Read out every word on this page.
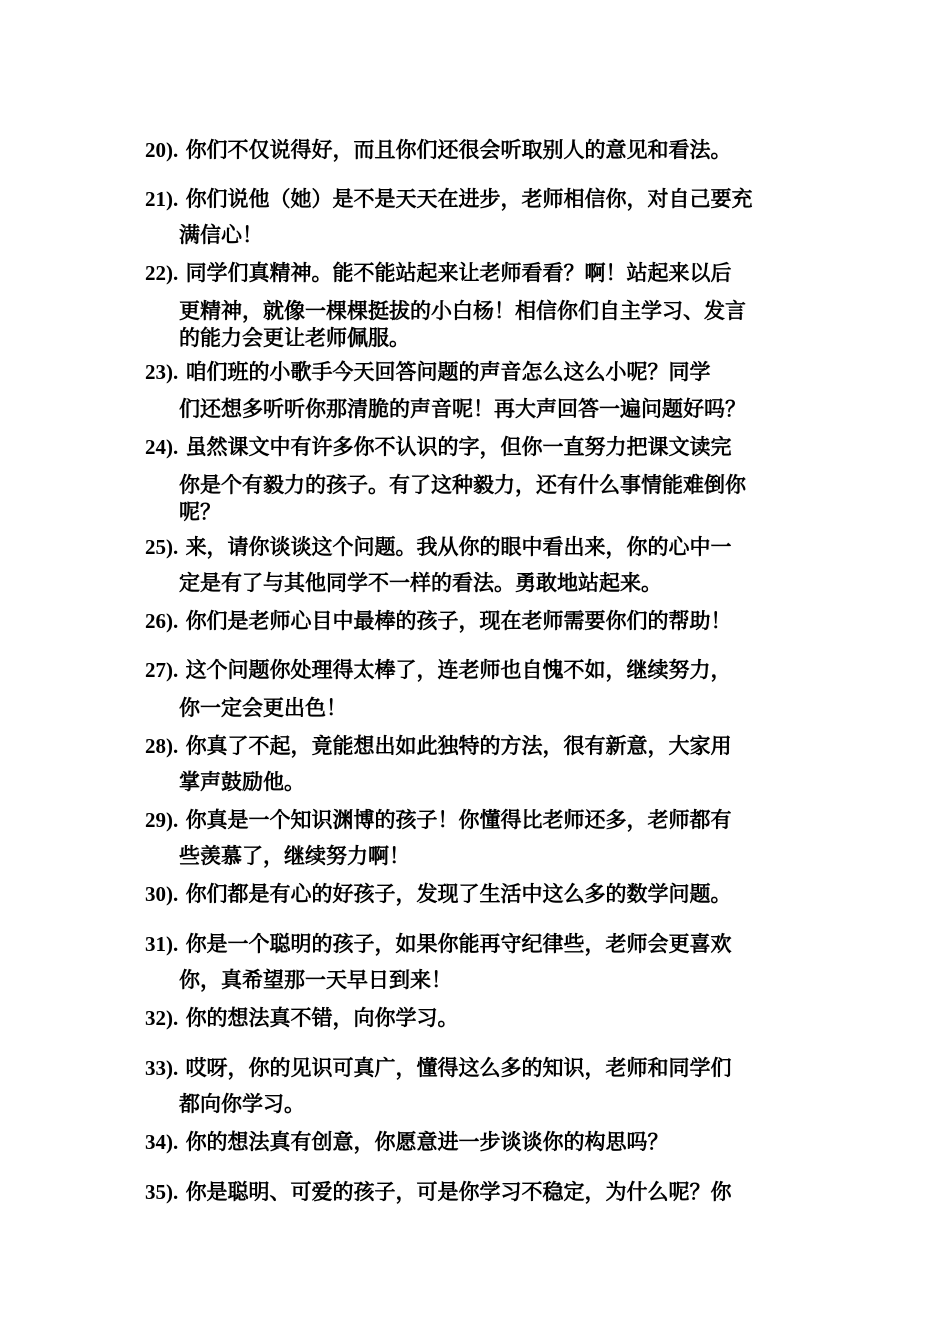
20). 你们不仅说得好，而且你们还很会听取别人的意见和看法。
21). 你们说他（她）是不是天天在进步，老师相信你，对自己要充
满信心！
22). 同学们真精神。能不能站起来让老师看看？啊！站起来以后
更精神，就像一棵棵挺拔的小白杨！相信你们自主学习、发言
的能力会更让老师佩服。
23). 咱们班的小歌手今天回答问题的声音怎么这么小呢？同学
们还想多听听你那清脆的声音呢！再大声回答一遍问题好吗？
24). 虽然课文中有许多你不认识的字，但你一直努力把课文读完
你是个有毅力的孩子。有了这种毅力，还有什么事情能难倒你
呢？
25). 来，请你谈谈这个问题。我从你的眼中看出来，你的心中一
定是有了与其他同学不一样的看法。勇敢地站起来。
26). 你们是老师心目中最棒的孩子，现在老师需要你们的帮助！
27). 这个问题你处理得太棒了，连老师也自愧不如，继续努力，
你一定会更出色！
28). 你真了不起，竟能想出如此独特的方法，很有新意，大家用
掌声鼓励他。
29). 你真是一个知识渊博的孩子！你懂得比老师还多，老师都有
些羡慕了，继续努力啊！
30). 你们都是有心的好孩子，发现了生活中这么多的数学问题。
31). 你是一个聪明的孩子，如果你能再守纪律些，老师会更喜欢
你，真希望那一天早日到来！
32). 你的想法真不错，向你学习。
33). 哎呀，你的见识可真广，懂得这么多的知识，老师和同学们
都向你学习。
34). 你的想法真有创意，你愿意进一步谈谈你的构思吗？
35). 你是聪明、可爱的孩子，可是你学习不稳定，为什么呢？你
